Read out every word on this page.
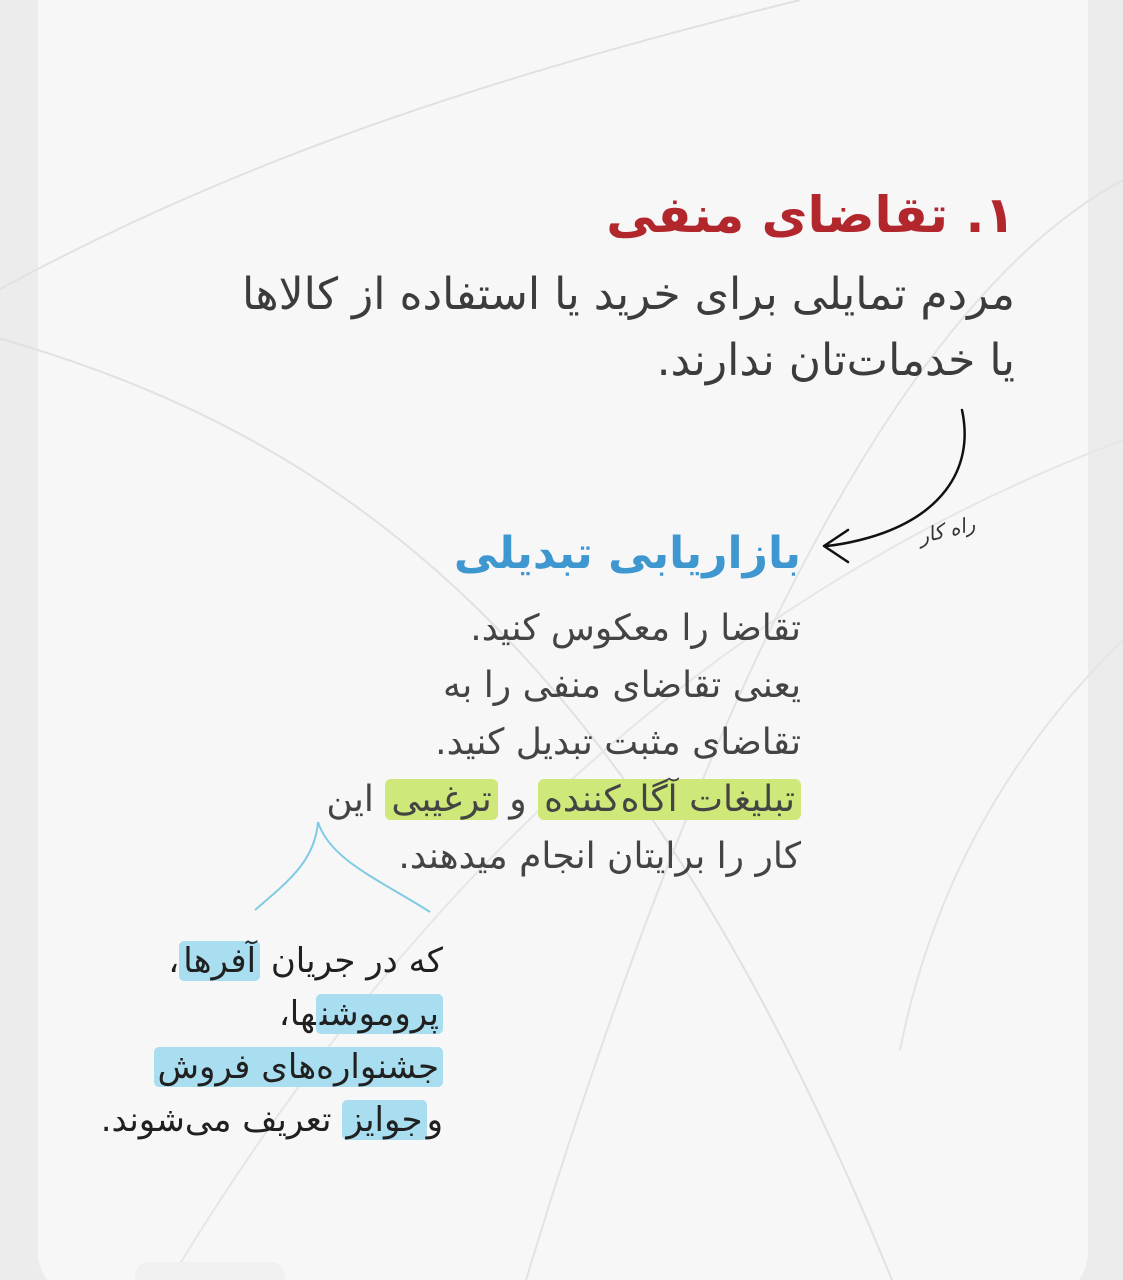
۱. تقاضای منفی
مردم تمایلی برای خرید یا استفاده از کالاها
یا خدمات‌تان ندارند.
راه کار
بازاریابی تبدیلی
تقاضا را معکوس کنید.
یعنی تقاضای منفی را به
تقاضای مثبت تبدیل کنید.
تبلیغات آگاه‌کننده و ترغیبی این
کار را برایتان انجام میدهند.
که در جریان آفرها،
پروموشنها،
جشنواره‌های فروش
وجوایز تعریف می‌شوند.
